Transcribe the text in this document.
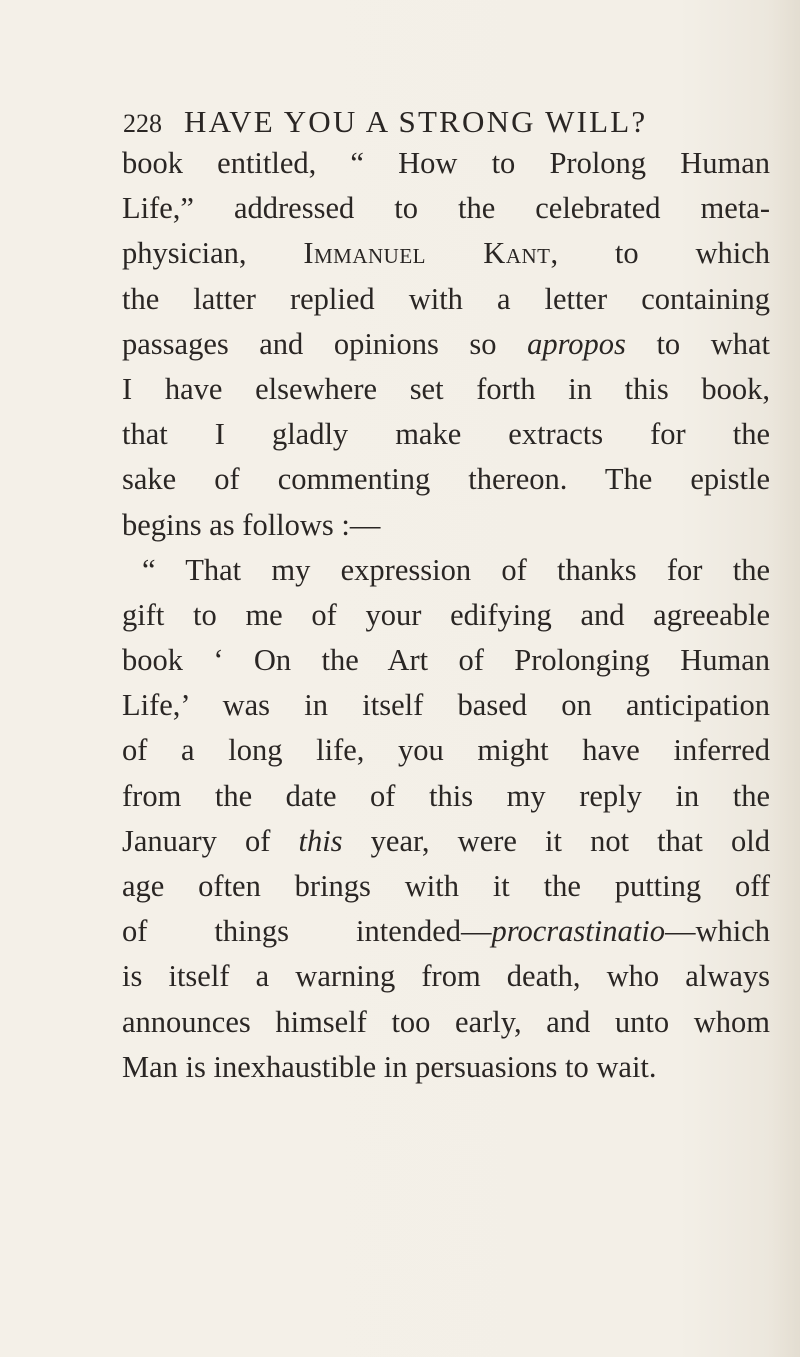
228 HAVE YOU A STRONG WILL?
book entitled, “ How to Prolong Human
Life,” addressed to the celebrated meta-
physician, Immanuel Kant, to which
the latter replied with a letter containing
passages and opinions so apropos to what
I have elsewhere set forth in this book,
that I gladly make extracts for the
sake of commenting thereon. The epistle
begins as follows :—
“ That my expression of thanks for the
gift to me of your edifying and agreeable
book ‘ On the Art of Prolonging Human
Life,’ was in itself based on anticipation
of a long life, you might have inferred
from the date of this my reply in the
January of this year, were it not that old
age often brings with it the putting off
of things intended—procrastinatio—which
is itself a warning from death, who always
announces himself too early, and unto whom
Man is inexhaustible in persuasions to wait.
